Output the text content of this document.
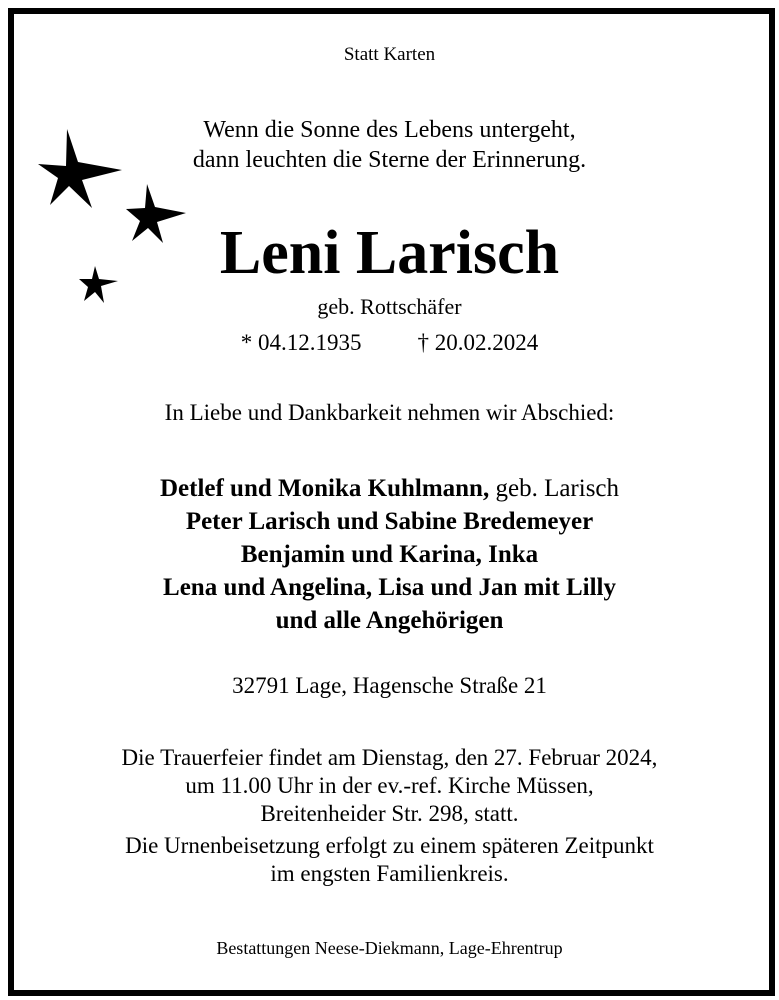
Statt Karten
Wenn die Sonne des Lebens untergeht,
dann leuchten die Sterne der Erinnerung.
Leni Larisch
geb. Rottschäfer
* 04.12.1935 † 20.02.2024
In Liebe und Dankbarkeit nehmen wir Abschied:
Detlef und Monika Kuhlmann, geb. Larisch
Peter Larisch und Sabine Bredemeyer
Benjamin und Karina, Inka
Lena und Angelina, Lisa und Jan mit Lilly
und alle Angehörigen
32791 Lage, Hagensche Straße 21
Die Trauerfeier findet am Dienstag, den 27. Februar 2024,
um 11.00 Uhr in der ev.-ref. Kirche Müssen,
Breitenheider Str. 298, statt.
Die Urnenbeisetzung erfolgt zu einem späteren Zeitpunkt
im engsten Familienkreis.
Bestattungen Neese-Diekmann, Lage-Ehrentrup
